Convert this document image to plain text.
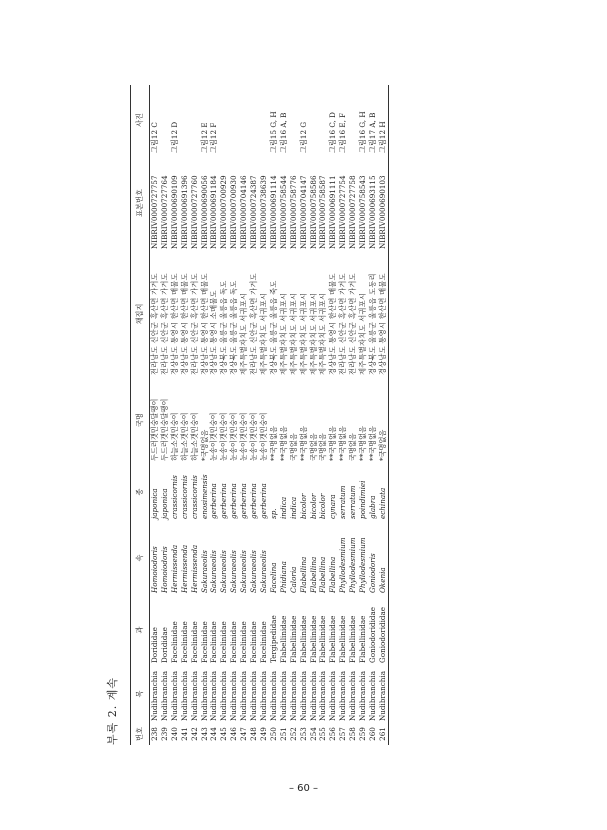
부록 2. 계속	번호	목	과	속	종	국명	채집지	표본번호	사진
238	Nudibranchia	Dorididae	Homoiodoris	japonica	두드러갯민숭달팽이	전라남도 신안군 흑산면 가거도	NIBRIV0000727757	그림12 C
239	Nudibranchia	Dorididae	Homoiodoris	japonica	두드러갯민숭달팽이	전라남도 신안군 흑산면 가거도	NIBRIV0000727764	
240	Nudibranchia	Facelinidae	Hermissenda	crassicornis	하늘소갯민숭이	경상남도 통영시 한산면 매물도	NIBRIV0000690109	그림12 D
241	Nudibranchia	Facelinidae	Hermissenda	crassicornis	하늘소갯민숭이	경상남도 통영시 한산면 매물도	NIBRIV0000691396	
242	Nudibranchia	Facelinidae	Hermissenda	crassicornis	하늘소갯민숭이	전라남도 신안군 흑산면 가거도	NIBRIV0000727760	
243	Nudibranchia	Facelinidae	Sakuraeolis	enosimensis	*국명없음	경상남도 통영시 한산면 매물도	NIBRIV0000690056	그림12 E
244	Nudibranchia	Facelinidae	Sakuraeolis	gerberina	눈송이갯민숭이	경상남도 통영시 소매물도	NIBRIV0000691184	그림12 F
245	Nudibranchia	Facelinidae	Sakuraeolis	gerberina	눈송이갯민숭이	경상북도 울릉군 울릉읍 독도	NIBRIV0000700929	
246	Nudibranchia	Facelinidae	Sakuraeolis	gerberina	눈송이갯민숭이	경상북도 울릉군 울릉읍 독도	NIBRIV0000700930	
247	Nudibranchia	Facelinidae	Sakuraeolis	gerberina	눈송이갯민숭이	제주특별자치도 서귀포시	NIBRIV0000704146	
248	Nudibranchia	Facelinidae	Sakuraeolis	gerberina	눈송이갯민숭이	전라남도 신안군 흑산면 가거도	NIBRIV0000724387	
249	Nudibranchia	Facelinidae	Sakuraeolis	gerberina	눈송이갯민숭이	제주특별자치도 서귀포시	NIBRIV0000738639	
250	Nudibranchia	Tergipedidae	Facelina	sp.	**국명없음	경상북도 울릉군 울릉읍 죽도	NIBRIV0000691114	그림15 G, H
251	Nudibranchia	Flabellinidae	Phidiana	indica	**국명없음	제주특별자치도 서귀포시	NIBRIV0000758544	그림16 A, B
252	Nudibranchia	Flabellinidae	Caloria	indica	국명없음	제주특별자치도 서귀포시	NIBRIV0000758776	
253	Nudibranchia	Flabellinidae	Flabellina	bicolor	**국명없음	제주특별자치도 서귀포시	NIBRIV0000704147	그림12 G
254	Nudibranchia	Flabellinidae	Flabellina	bicolor	국명없음	제주특별자치도 서귀포시	NIBRIV0000758586	
255	Nudibranchia	Flabellinidae	Flabellina	bicolor	국명없음	제주특별자치도 서귀포시	NIBRIV0000758587	
256	Nudibranchia	Flabellinidae	Flabellina	cynara	**국명없음	경상남도 통영시 한산면 매물도	NIBRIV0000691111	그림16 C, D
257	Nudibranchia	Flabellinidae	Phyllodesmium	serratum	**국명없음	전라남도 신안군 흑산면 가거도	NIBRIV0000727754	그림16 E, F
258	Nudibranchia	Flabellinidae	Phyllodesmium	serratum	국명없음	전라남도 신안군 흑산면 가거도	NIBRIV0000727758	
259	Nudibranchia	Flabellinidae	Phyllodesmium	poindimiei	**국명없음	제주특별자치도 서귀포시	NIBRIV0000758543	그림16 G, H
260	Nudibranchia	Goniodorididae	Goniodoris	glabra	**국명없음	경상북도 울릉군 울릉읍 도동리	NIBRIV0000693115	그림17 A, B
261	Nudibranchia	Goniodorididae	Okenia	echinata	*국명없음	경상남도 통영시 한산면 매물도	NIBRIV0000690103	그림12 H
– 60 –
